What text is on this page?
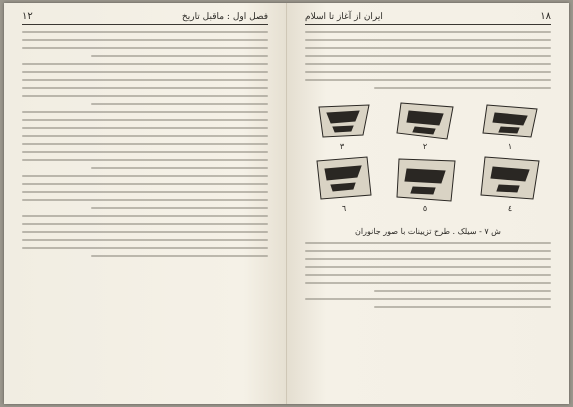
فصل اول : ماقبل تاریخ
١٢	١٨
ایران از آغاز تا اسلام
٣	٢	١
٦	٥	٤
ش ٧ - سیلک . طرح تزیینات با صور جانوران
